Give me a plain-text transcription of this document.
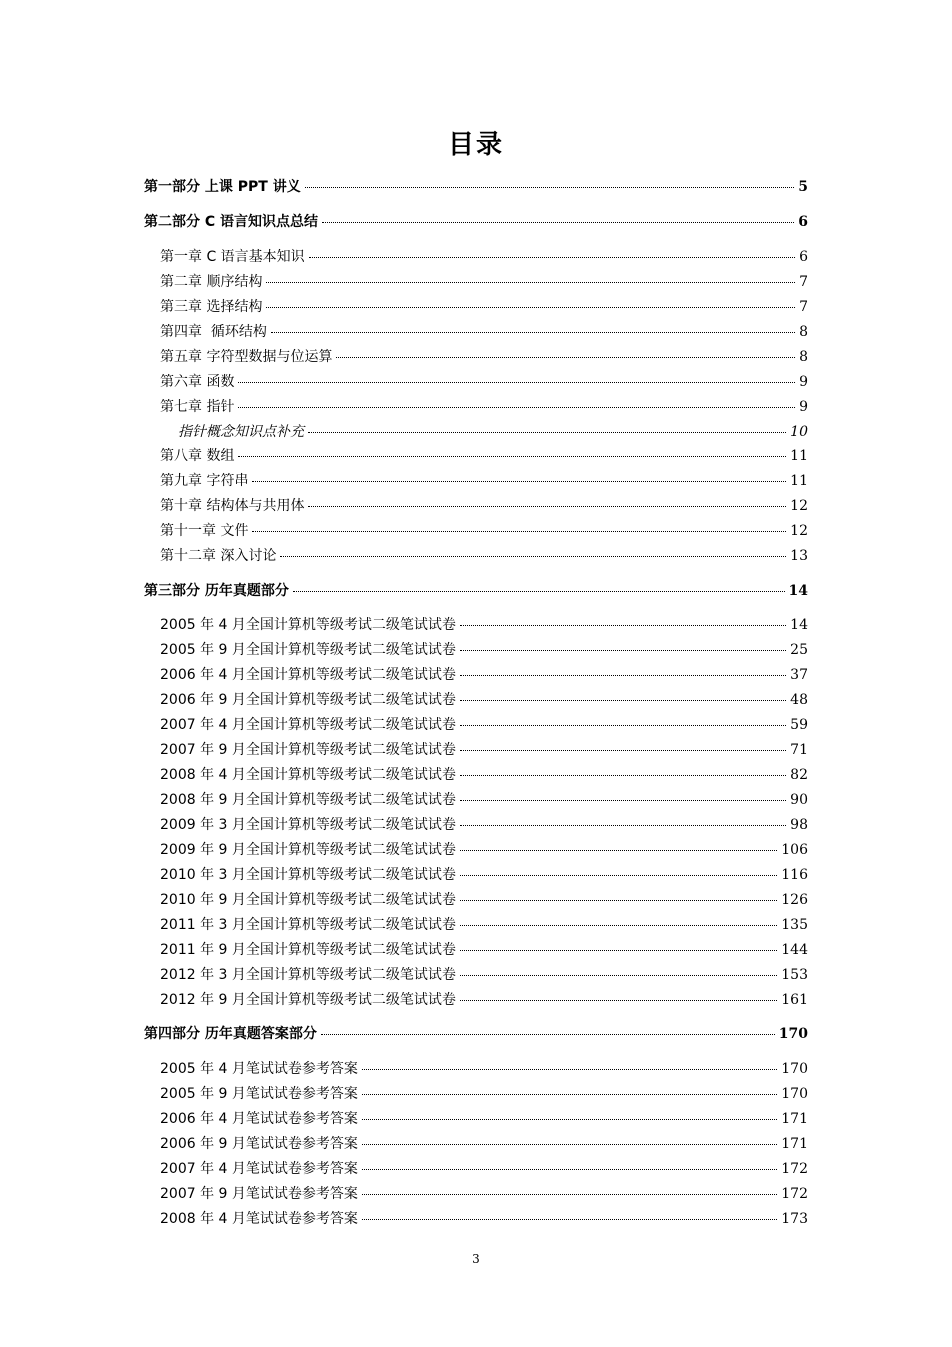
目录
第一部分 上课 PPT 讲义	5
第二部分 C 语言知识点总结	6
第一章 C 语言基本知识	6
第二章 顺序结构	7
第三章 选择结构	7
第四章  循环结构	8
第五章 字符型数据与位运算	8
第六章 函数	9
第七章 指针	9
指针概念知识点补充	10
第八章 数组	11
第九章 字符串	11
第十章 结构体与共用体	12
第十一章 文件	12
第十二章 深入讨论	13
第三部分 历年真题部分	14
2005 年 4 月全国计算机等级考试二级笔试试卷	14
2005 年 9 月全国计算机等级考试二级笔试试卷	25
2006 年 4 月全国计算机等级考试二级笔试试卷	37
2006 年 9 月全国计算机等级考试二级笔试试卷	48
2007 年 4 月全国计算机等级考试二级笔试试卷	59
2007 年 9 月全国计算机等级考试二级笔试试卷	71
2008 年 4 月全国计算机等级考试二级笔试试卷	82
2008 年 9 月全国计算机等级考试二级笔试试卷	90
2009 年 3 月全国计算机等级考试二级笔试试卷	98
2009 年 9 月全国计算机等级考试二级笔试试卷	106
2010 年 3 月全国计算机等级考试二级笔试试卷	116
2010 年 9 月全国计算机等级考试二级笔试试卷	126
2011 年 3 月全国计算机等级考试二级笔试试卷	135
2011 年 9 月全国计算机等级考试二级笔试试卷	144
2012 年 3 月全国计算机等级考试二级笔试试卷	153
2012 年 9 月全国计算机等级考试二级笔试试卷	161
第四部分 历年真题答案部分	170
2005 年 4 月笔试试卷参考答案	170
2005 年 9 月笔试试卷参考答案	170
2006 年 4 月笔试试卷参考答案	171
2006 年 9 月笔试试卷参考答案	171
2007 年 4 月笔试试卷参考答案	172
2007 年 9 月笔试试卷参考答案	172
2008 年 4 月笔试试卷参考答案	173
3
